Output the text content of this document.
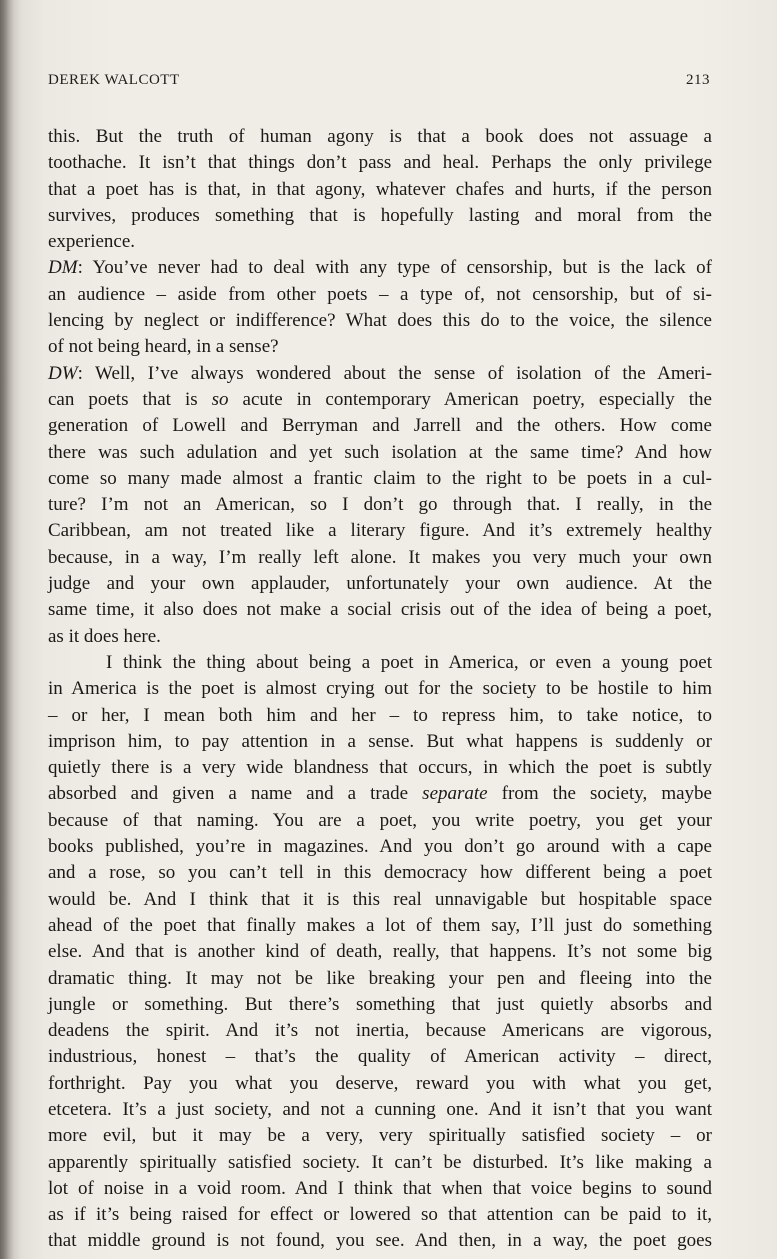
DEREK WALCOTT	213
this. But the truth of human agony is that a book does not assuage a
toothache. It isn’t that things don’t pass and heal. Perhaps the only privilege
that a poet has is that, in that agony, whatever chafes and hurts, if the person
survives, produces something that is hopefully lasting and moral from the
experience.
DM: You’ve never had to deal with any type of censorship, but is the lack of
an audience – aside from other poets – a type of, not censorship, but of si-
lencing by neglect or indifference? What does this do to the voice, the silence
of not being heard, in a sense?
DW: Well, I’ve always wondered about the sense of isolation of the Ameri-
can poets that is so acute in contemporary American poetry, especially the
generation of Lowell and Berryman and Jarrell and the others. How come
there was such adulation and yet such isolation at the same time? And how
come so many made almost a frantic claim to the right to be poets in a cul-
ture? I’m not an American, so I don’t go through that. I really, in the
Caribbean, am not treated like a literary figure. And it’s extremely healthy
because, in a way, I’m really left alone. It makes you very much your own
judge and your own applauder, unfortunately your own audience. At the
same time, it also does not make a social crisis out of the idea of being a poet,
as it does here.
I think the thing about being a poet in America, or even a young poet
in America is the poet is almost crying out for the society to be hostile to him
– or her, I mean both him and her – to repress him, to take notice, to
imprison him, to pay attention in a sense. But what happens is suddenly or
quietly there is a very wide blandness that occurs, in which the poet is subtly
absorbed and given a name and a trade separate from the society, maybe
because of that naming. You are a poet, you write poetry, you get your
books published, you’re in magazines. And you don’t go around with a cape
and a rose, so you can’t tell in this democracy how different being a poet
would be. And I think that it is this real unnavigable but hospitable space
ahead of the poet that finally makes a lot of them say, I’ll just do something
else. And that is another kind of death, really, that happens. It’s not some big
dramatic thing. It may not be like breaking your pen and fleeing into the
jungle or something. But there’s something that just quietly absorbs and
deadens the spirit. And it’s not inertia, because Americans are vigorous,
industrious, honest – that’s the quality of American activity – direct,
forthright. Pay you what you deserve, reward you with what you get,
etcetera. It’s a just society, and not a cunning one. And it isn’t that you want
more evil, but it may be a very, very spiritually satisfied society – or
apparently spiritually satisfied society. It can’t be disturbed. It’s like making a
lot of noise in a void room. And I think that when that voice begins to sound
as if it’s being raised for effect or lowered so that attention can be paid to it,
that middle ground is not found, you see. And then, in a way, the poet goes
